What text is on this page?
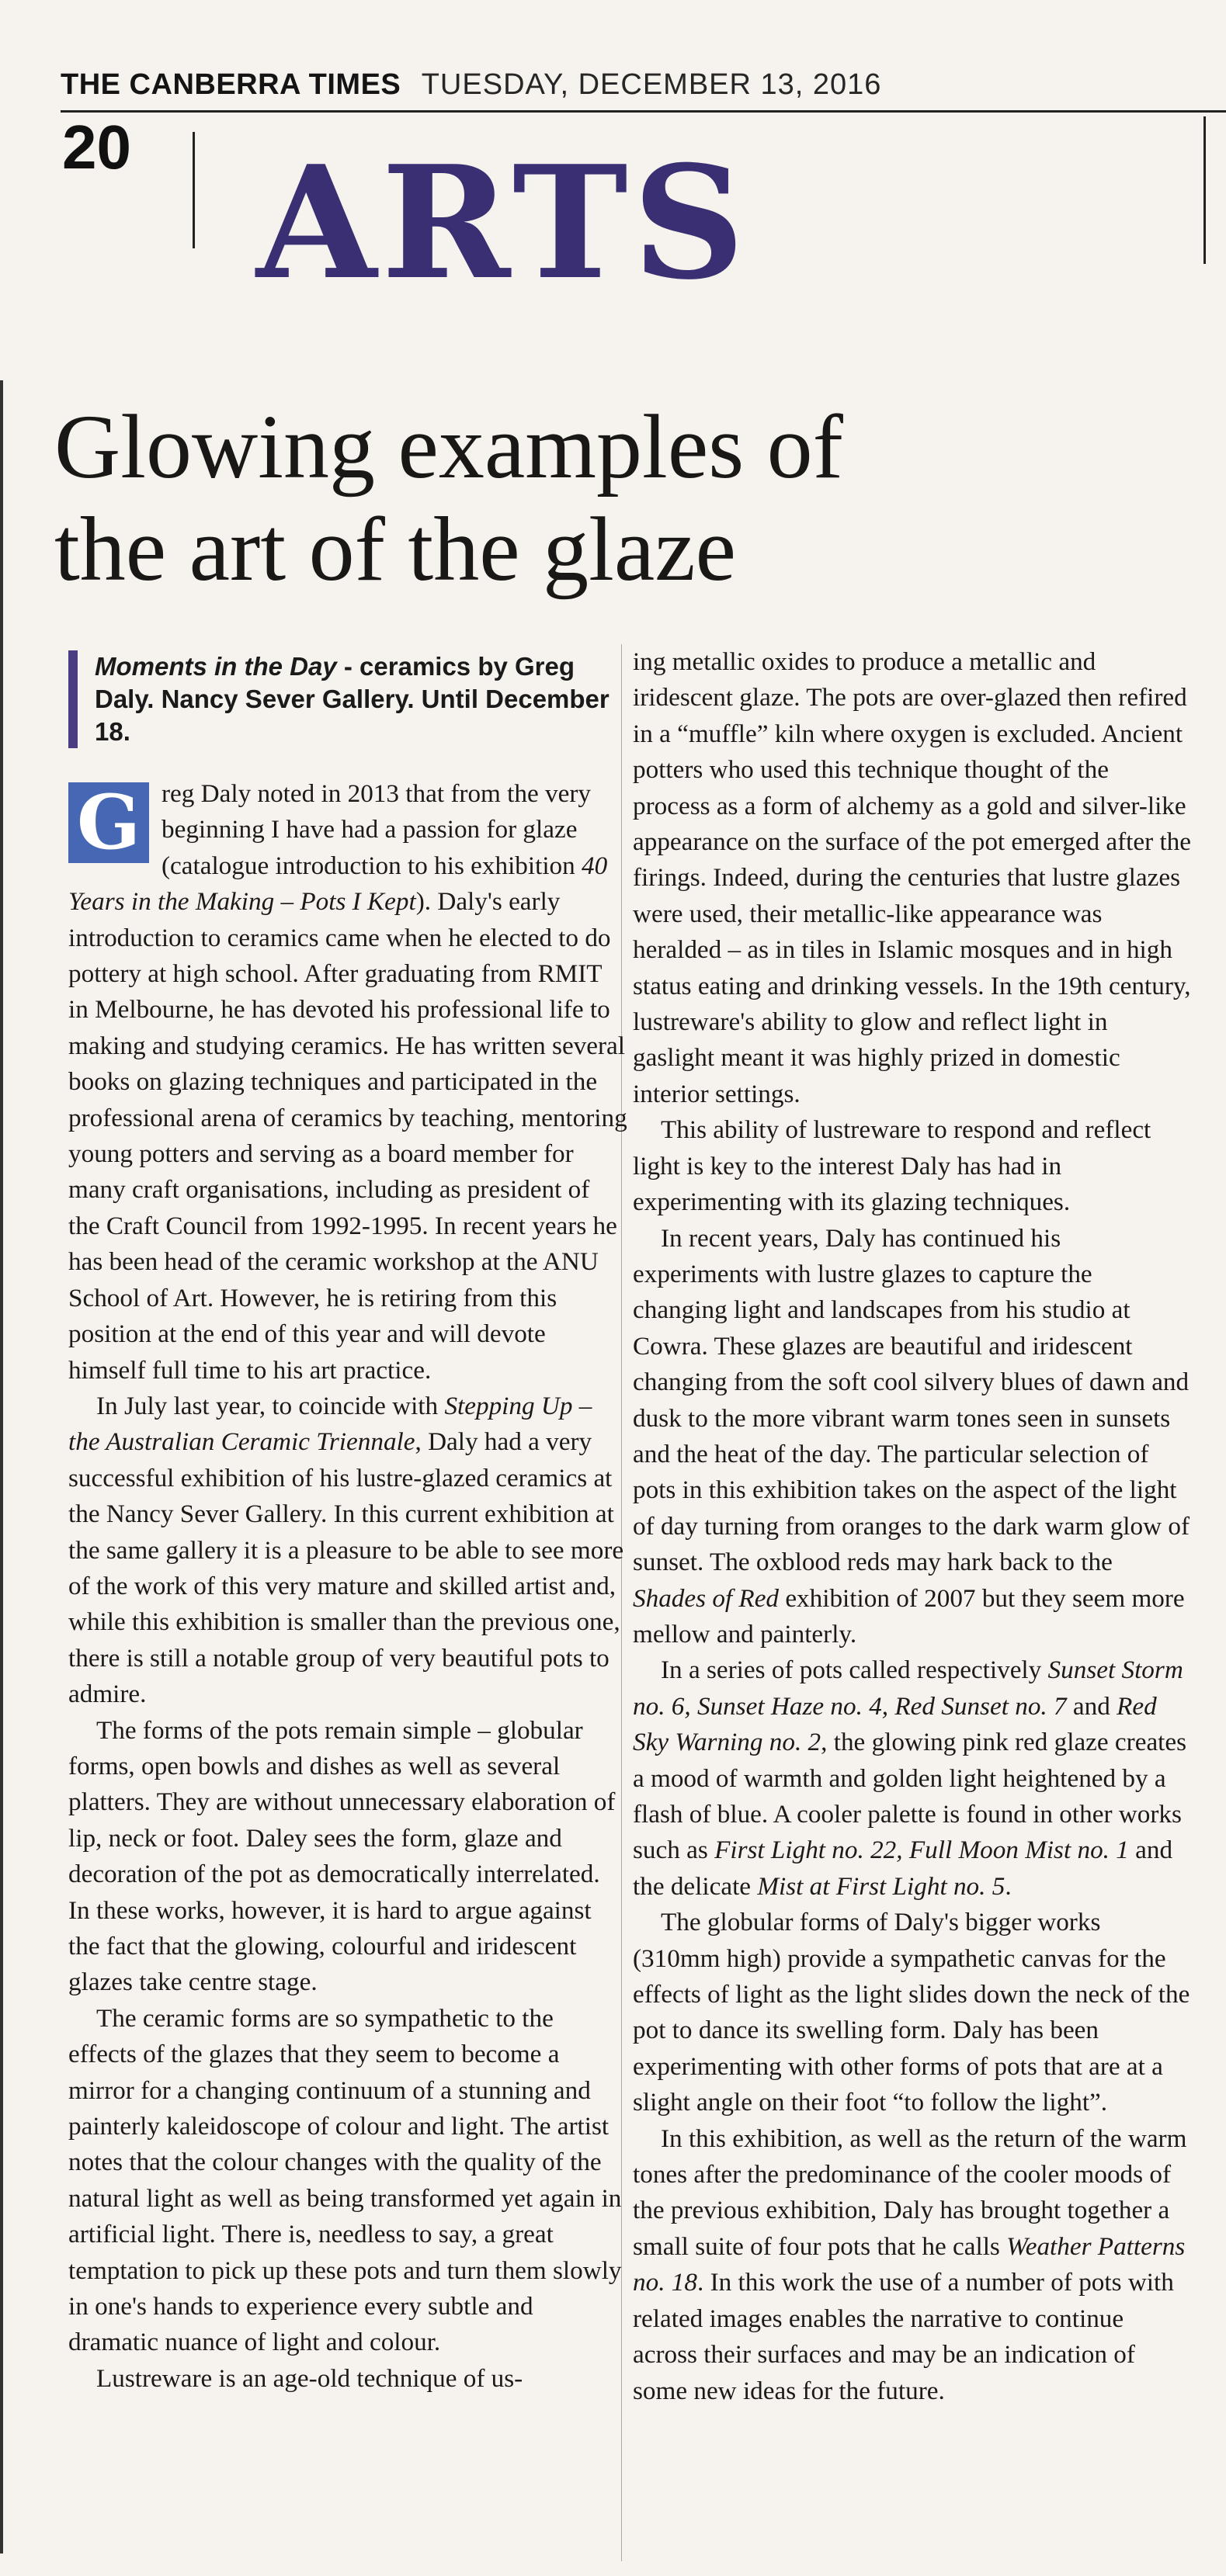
THE CANBERRA TIMES TUESDAY, DECEMBER 13, 2016
20 ARTS
Glowing examples of
the art of the glaze
Moments in the Day - ceramics by Greg Daly. Nancy Sever Gallery. Until December 18.
G reg Daly noted in 2013 that from the very beginning I have had a passion for glaze (catalogue introduction to his exhibition 40 Years in the Making – Pots I Kept). Daly's early introduction to ceramics came when he elected to do pottery at high school. After graduating from RMIT in Melbourne, he has devoted his professional life to making and studying ceramics. He has written several books on glazing techniques and participated in the professional arena of ceramics by teaching, mentoring young potters and serving as a board member for many craft organisations, including as president of the Craft Council from 1992-1995. In recent years he has been head of the ceramic workshop at the ANU School of Art. However, he is retiring from this position at the end of this year and will devote himself full time to his art practice.

In July last year, to coincide with Stepping Up – the Australian Ceramic Triennale, Daly had a very successful exhibition of his lustre-glazed ceramics at the Nancy Sever Gallery. In this current exhibition at the same gallery it is a pleasure to be able to see more of the work of this very mature and skilled artist and, while this exhibition is smaller than the previous one, there is still a notable group of very beautiful pots to admire.

The forms of the pots remain simple – globular forms, open bowls and dishes as well as several platters. They are without unnecessary elaboration of lip, neck or foot. Daley sees the form, glaze and decoration of the pot as democratically interrelated. In these works, however, it is hard to argue against the fact that the glowing, colourful and iridescent glazes take centre stage.

The ceramic forms are so sympathetic to the effects of the glazes that they seem to become a mirror for a changing continuum of a stunning and painterly kaleidoscope of colour and light. The artist notes that the colour changes with the quality of the natural light as well as being transformed yet again in artificial light. There is, needless to say, a great temptation to pick up these pots and turn them slowly in one's hands to experience every subtle and dramatic nuance of light and colour.

Lustreware is an age-old technique of us-

ing metallic oxides to produce a metallic and iridescent glaze. The pots are over-glazed then refired in a “muffle” kiln where oxygen is excluded. Ancient potters who used this technique thought of the process as a form of alchemy as a gold and silver-like appearance on the surface of the pot emerged after the firings. Indeed, during the centuries that lustre glazes were used, their metallic-like appearance was heralded – as in tiles in Islamic mosques and in high status eating and drinking vessels. In the 19th century, lustreware's ability to glow and reflect light in gaslight meant it was highly prized in domestic interior settings.

This ability of lustreware to respond and reflect light is key to the interest Daly has had in experimenting with its glazing techniques.

In recent years, Daly has continued his experiments with lustre glazes to capture the changing light and landscapes from his studio at Cowra. These glazes are beautiful and iridescent changing from the soft cool silvery blues of dawn and dusk to the more vibrant warm tones seen in sunsets and the heat of the day. The particular selection of pots in this exhibition takes on the aspect of the light of day turning from oranges to the dark warm glow of sunset. The oxblood reds may hark back to the Shades of Red exhibition of 2007 but they seem more mellow and painterly.

In a series of pots called respectively Sunset Storm no. 6, Sunset Haze no. 4, Red Sunset no. 7 and Red Sky Warning no. 2, the glowing pink red glaze creates a mood of warmth and golden light heightened by a flash of blue. A cooler palette is found in other works such as First Light no. 22, Full Moon Mist no. 1 and the delicate Mist at First Light no. 5.

The globular forms of Daly's bigger works (310mm high) provide a sympathetic canvas for the effects of light as the light slides down the neck of the pot to dance its swelling form. Daly has been experimenting with other forms of pots that are at a slight angle on their foot “to follow the light”.

In this exhibition, as well as the return of the warm tones after the predominance of the cooler moods of the previous exhibition, Daly has brought together a small suite of four pots that he calls Weather Patterns no. 18. In this work the use of a number of pots with related images enables the narrative to continue across their surfaces and may be an indication of some new ideas for the future.
